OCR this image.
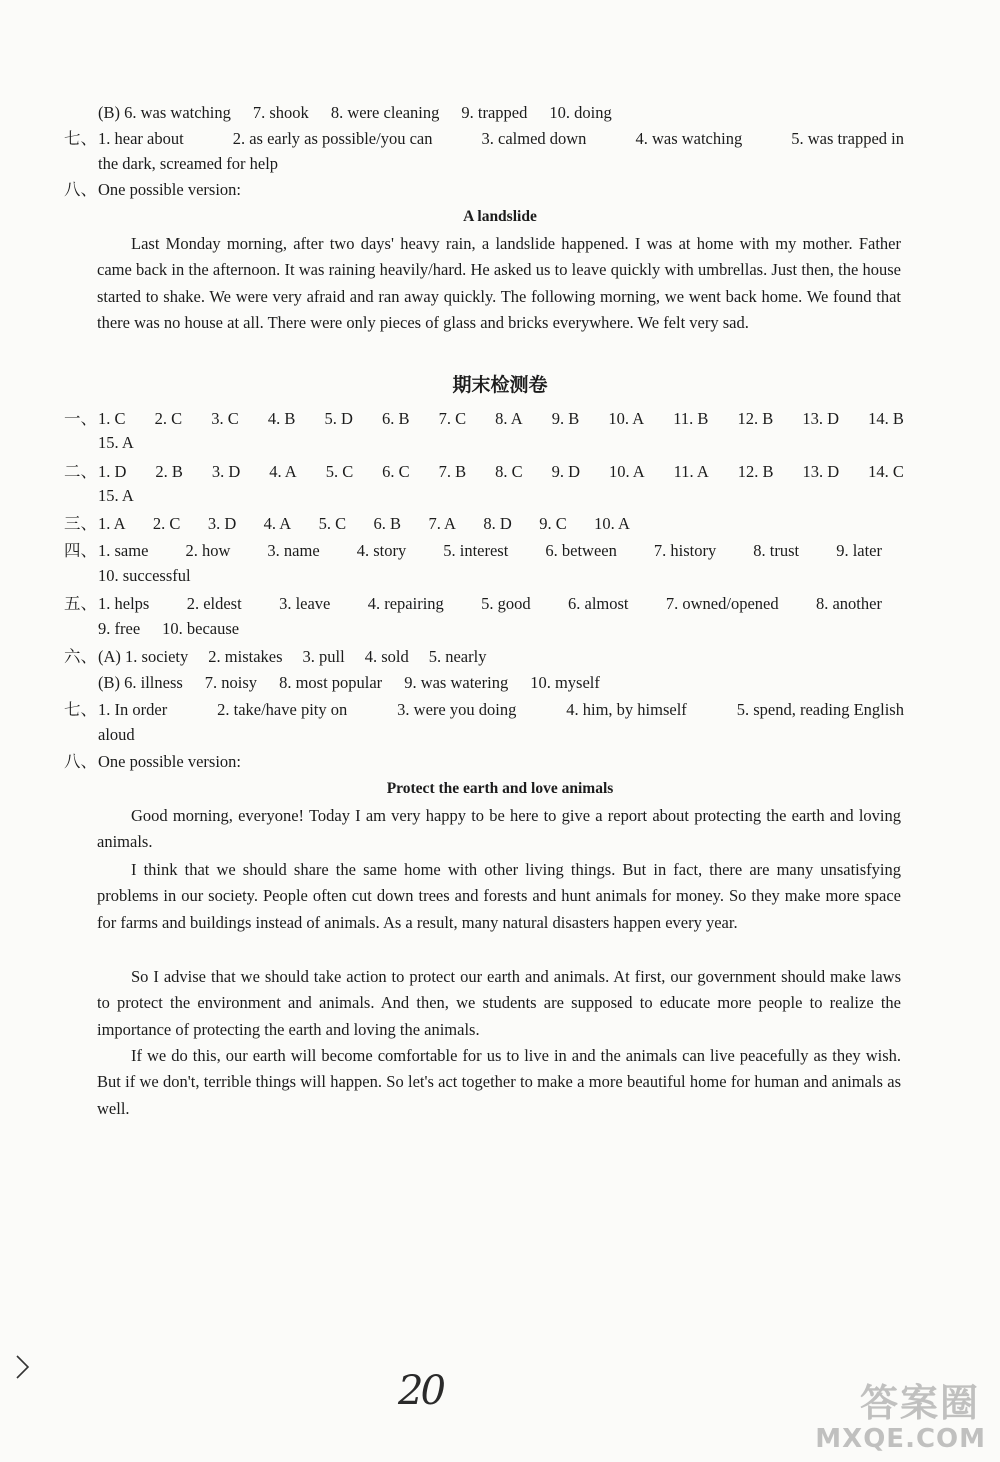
(B) 6. was watching 7. shook 8. were cleaning 9. trapped 10. doing
七、 1. hear about	2. as early as possible/you can	3. calmed down	4. was watching	5. was trapped in
the dark, screamed for help
八、 One possible version:
A landslide
Last Monday morning, after two days' heavy rain, a landslide happened. I was at home with my mother. Father came back in the afternoon. It was raining heavily/hard. He asked us to leave quickly with umbrellas. Just then, the house started to shake. We were very afraid and ran away quickly. The following morning, we went back home. We found that there was no house at all. There were only pieces of glass and bricks everywhere. We felt very sad.
期末检测卷
一、 1. C 2. C 3. C 4. B 5. D 6. B 7. C 8. A 9. B 10. A 11. B 12. B 13. D 14. B
15. A
二、 1. D 2. B 3. D 4. A 5. C 6. C 7. B 8. C 9. D 10. A 11. A 12. B 13. D 14. C
15. A
三、 1. A 2. C 3. D 4. A 5. C 6. B 7. A 8. D 9. C 10. A
四、 1. same 2. how 3. name 4. story 5. interest 6. between 7. history 8. trust 9. later
10. successful
五、 1. helps 2. eldest 3. leave 4. repairing 5. good 6. almost 7. owned/opened 8. another
9. free 10. because
六、 (A) 1. society 2. mistakes 3. pull 4. sold 5. nearly
(B) 6. illness 7. noisy 8. most popular 9. was watering 10. myself
七、 1. In order	2. take/have pity on	3. were you doing	4. him, by himself	5. spend, reading English
aloud
八、 One possible version:
Protect the earth and love animals
Good morning, everyone! Today I am very happy to be here to give a report about protecting the earth and loving animals.
I think that we should share the same home with other living things. But in fact, there are many unsatisfying problems in our society. People often cut down trees and forests and hunt animals for money. So they make more space for farms and buildings instead of animals. As a result, many natural disasters happen every year.
So I advise that we should take action to protect our earth and animals. At first, our government should make laws to protect the environment and animals. And then, we students are supposed to educate more people to realize the importance of protecting the earth and loving the animals.
If we do this, our earth will become comfortable for us to live in and the animals can live peacefully as they wish. But if we don't, terrible things will happen. So let's act together to make a more beautiful home for human and animals as well.
20	答案圈
MXQE.COM
